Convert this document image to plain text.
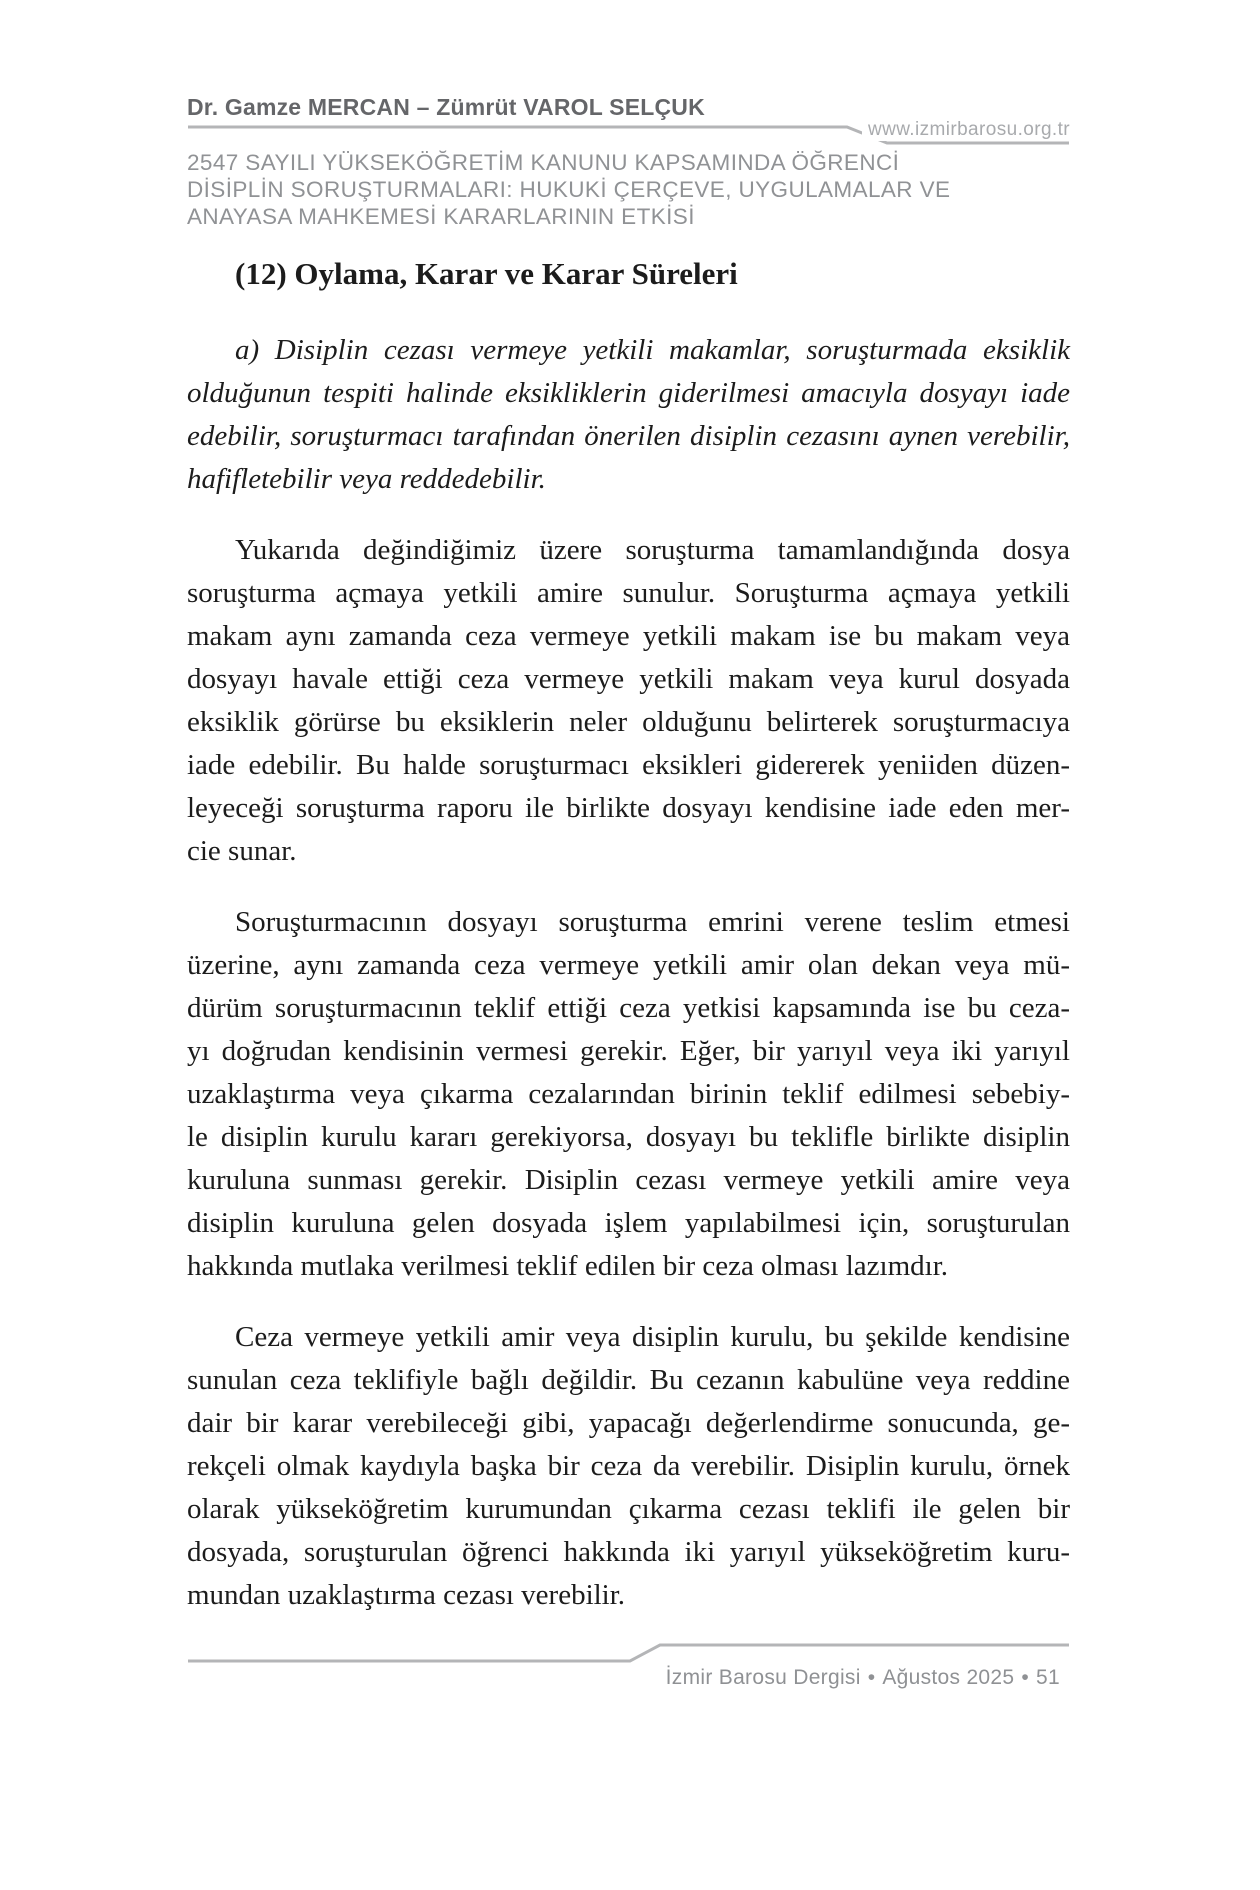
Dr. Gamze MERCAN – Zümrüt VAROL SELÇUK
www.izmirbarosu.org.tr
2547 SAYILI YÜKSEKÖĞRETİM KANUNU KAPSAMINDA ÖĞRENCİ
DİSİPLİN SORUŞTURMALARI: HUKUKİ ÇERÇEVE, UYGULAMALAR VE
ANAYASA MAHKEMESİ KARARLARININ ETKİSİ
(12) Oylama, Karar ve Karar Süreleri
a) Disiplin cezası vermeye yetkili makamlar, soruşturmada eksiklik
olduğunun tespiti halinde eksikliklerin giderilmesi amacıyla dosyayı iade
edebilir, soruşturmacı tarafından önerilen disiplin cezasını aynen verebilir,
hafifletebilir veya reddedebilir.
Yukarıda değindiğimiz üzere soruşturma tamamlandığında dosya
soruşturma açmaya yetkili amire sunulur. Soruşturma açmaya yetkili
makam aynı zamanda ceza vermeye yetkili makam ise bu makam veya
dosyayı havale ettiği ceza vermeye yetkili makam veya kurul dosyada
eksiklik görürse bu eksiklerin neler olduğunu belirterek soruşturmacıya
iade edebilir. Bu halde soruşturmacı eksikleri gidererek yeniiden düzen-
leyeceği soruşturma raporu ile birlikte dosyayı kendisine iade eden mer-
cie sunar.
Soruşturmacının dosyayı soruşturma emrini verene teslim etmesi
üzerine, aynı zamanda ceza vermeye yetkili amir olan dekan veya mü-
dürüm soruşturmacının teklif ettiği ceza yetkisi kapsamında ise bu ceza-
yı doğrudan kendisinin vermesi gerekir. Eğer, bir yarıyıl veya iki yarıyıl
uzaklaştırma veya çıkarma cezalarından birinin teklif edilmesi sebebiy-
le disiplin kurulu kararı gerekiyorsa, dosyayı bu teklifle birlikte disiplin
kuruluna sunması gerekir. Disiplin cezası vermeye yetkili amire veya
disiplin kuruluna gelen dosyada işlem yapılabilmesi için, soruşturulan
hakkında mutlaka verilmesi teklif edilen bir ceza olması lazımdır.
Ceza vermeye yetkili amir veya disiplin kurulu, bu şekilde kendisine
sunulan ceza teklifiyle bağlı değildir. Bu cezanın kabulüne veya reddine
dair bir karar verebileceği gibi, yapacağı değerlendirme sonucunda, ge-
rekçeli olmak kaydıyla başka bir ceza da verebilir. Disiplin kurulu, örnek
olarak yükseköğretim kurumundan çıkarma cezası teklifi ile gelen bir
dosyada, soruşturulan öğrenci hakkında iki yarıyıl yükseköğretim kuru-
mundan uzaklaştırma cezası verebilir.
İzmir Barosu Dergisi • Ağustos 2025 • 51
